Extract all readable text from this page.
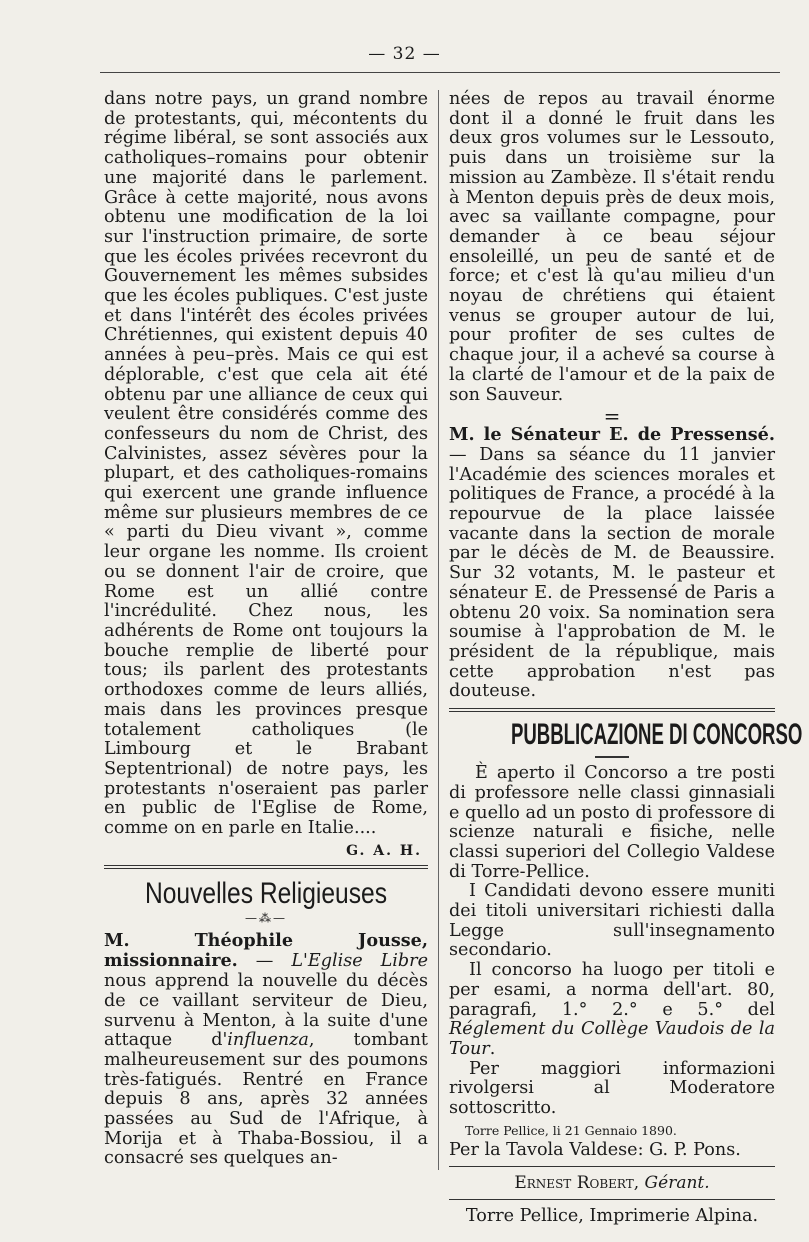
— 32 —

dans notre pays, un grand nombre de protestants, qui, mécontents du régime libéral, se sont associés aux catholiques–romains pour obtenir une majorité dans le parlement. Grâce à cette majorité, nous avons obtenu une modification de la loi sur l'instruction primaire, de sorte que les écoles privées recevront du Gouvernement les mêmes subsides que les écoles publiques. C'est juste et dans l'intérêt des écoles privées Chrétiennes, qui existent depuis 40 années à peu–près. Mais ce qui est déplorable, c'est que cela ait été obtenu par une alliance de ceux qui veulent être considérés comme des confesseurs du nom de Christ, des Calvinistes, assez sévères pour la plupart, et des catholiques-romains qui exercent une grande influence même sur plusieurs membres de ce « parti du Dieu vivant », comme leur organe les nomme. Ils croient ou se donnent l'air de croire, que Rome est un allié contre l'incrédulité. Chez nous, les adhérents de Rome ont toujours la bouche remplie de liberté pour tous; ils parlent des protestants orthodoxes comme de leurs alliés, mais dans les provinces presque totalement catholiques (le Limbourg et le Brabant Septentrional) de notre pays, les protestants n'oseraient pas parler en public de l'Eglise de Rome, comme on en parle en Italie....

G. A. H.
Nouvelles Religieuses
—⁂—

M. Théophile Jousse, missionnaire. — L'Eglise Libre nous apprend la nouvelle du décès de ce vaillant serviteur de Dieu, survenu à Menton, à la suite d'une attaque d'influenza, tombant malheureusement sur des poumons très-fatigués. Rentré en France depuis 8 ans, après 32 années passées au Sud de l'Afrique, à Morija et à Thaba-Bossiou, il a consacré ses quelques an-

nées de repos au travail énorme dont il a donné le fruit dans les deux gros volumes sur le Lessouto, puis dans un troisième sur la mission au Zambèze. Il s'était rendu à Menton depuis près de deux mois, avec sa vaillante compagne, pour demander à ce beau séjour ensoleillé, un peu de santé et de force; et c'est là qu'au milieu d'un noyau de chrétiens qui étaient venus se grouper autour de lui, pour profiter de ses cultes de chaque jour, il a achevé sa course à la clarté de l'amour et de la paix de son Sauveur.

=

M. le Sénateur E. de Pressensé. — Dans sa séance du 11 janvier l'Académie des sciences morales et politiques de France, a procédé à la repourvue de la place laissée vacante dans la section de morale par le décès de M. de Beaussire. Sur 32 votants, M. le pasteur et sénateur E. de Pressensé de Paris a obtenu 20 voix. Sa nomination sera soumise à l'approbation de M. le président de la république, mais cette approbation n'est pas douteuse.

PUBBLICAZIONE DI CONCORSO

È aperto il Concorso a tre posti di professore nelle classi ginnasiali e quello ad un posto di professore di scienze naturali e fisiche, nelle classi superiori del Collegio Valdese di Torre-Pellice.

I Candidati devono essere muniti dei titoli universitari richiesti dalla Legge sull'insegnamento secondario.

Il concorso ha luogo per titoli e per esami, a norma dell'art. 80, paragrafi, 1.° 2.° e 5.° del Réglement du Collège Vaudois de la Tour.

Per maggiori informazioni rivolgersi al Moderatore sottoscritto.

Torre Pellice, li 21 Gennaio 1890.
Per la Tavola Valdese: G. P. Pons.
Ernest Robert, Gérant.
Torre Pellice, Imprimerie Alpina.
